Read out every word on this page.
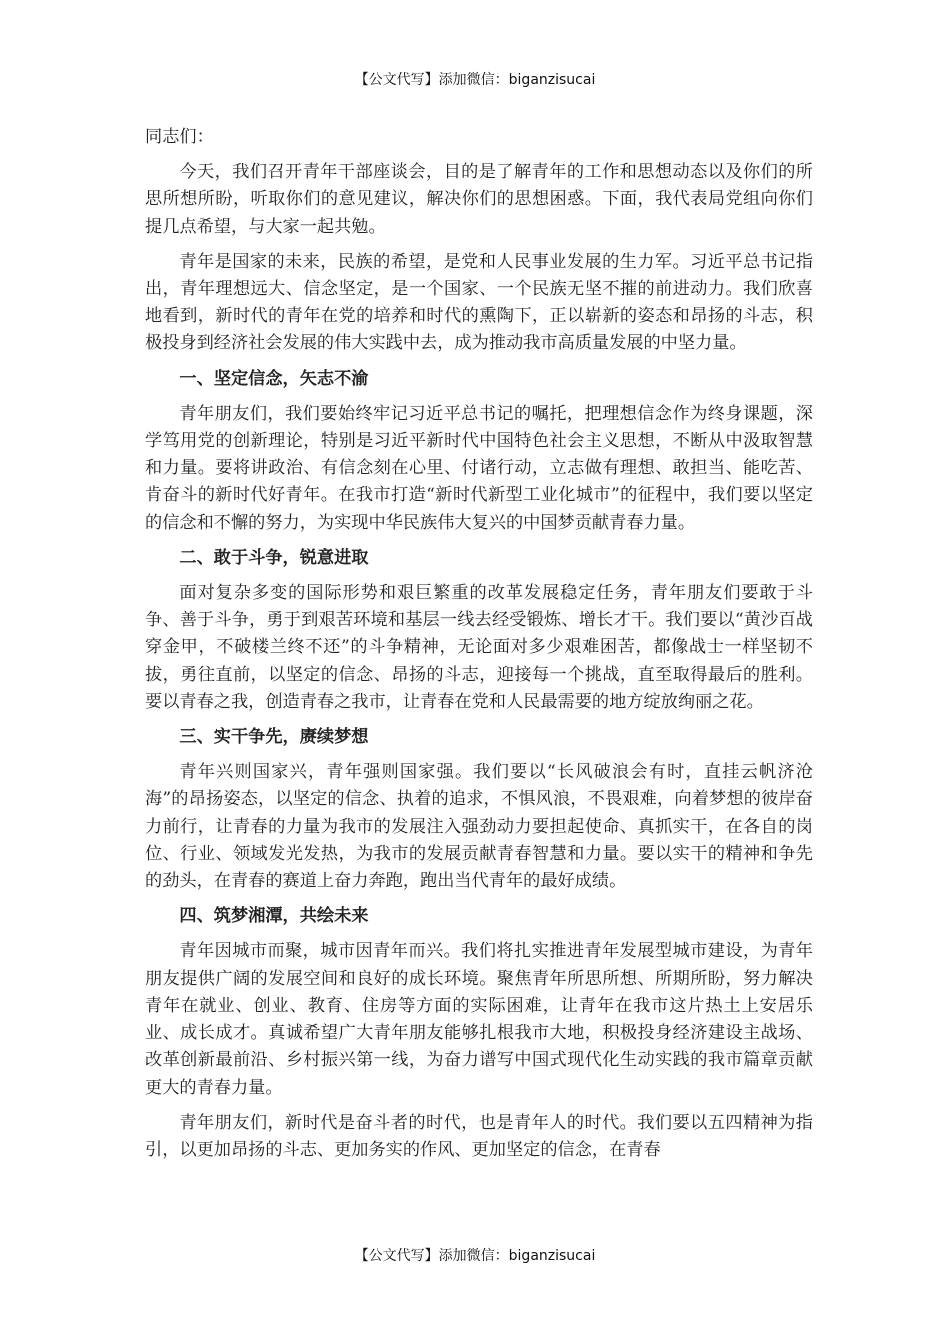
【公文代写】添加微信：biganzisucai

同志们：

今天，我们召开青年干部座谈会，目的是了解青年的工作和思想动态以及你们的所思所想所盼，听取你们的意见建议，解决你们的思想困惑。下面，我代表局党组向你们提几点希望，与大家一起共勉。

青年是国家的未来，民族的希望，是党和人民事业发展的生力军。习近平总书记指出，青年理想远大、信念坚定，是一个国家、一个民族无坚不摧的前进动力。我们欣喜地看到，新时代的青年在党的培养和时代的熏陶下，正以崭新的姿态和昂扬的斗志，积极投身到经济社会发展的伟大实践中去，成为推动我市高质量发展的中坚力量。

一、坚定信念，矢志不渝

青年朋友们，我们要始终牢记习近平总书记的嘱托，把理想信念作为终身课题，深学笃用党的创新理论，特别是习近平新时代中国特色社会主义思想，不断从中汲取智慧和力量。要将讲政治、有信念刻在心里、付诸行动，立志做有理想、敢担当、能吃苦、肯奋斗的新时代好青年。在我市打造“新时代新型工业化城市”的征程中，我们要以坚定的信念和不懈的努力，为实现中华民族伟大复兴的中国梦贡献青春力量。

二、敢于斗争，锐意进取

面对复杂多变的国际形势和艰巨繁重的改革发展稳定任务，青年朋友们要敢于斗争、善于斗争，勇于到艰苦环境和基层一线去经受锻炼、增长才干。我们要以“黄沙百战穿金甲，不破楼兰终不还”的斗争精神，无论面对多少艰难困苦，都像战士一样坚韧不拔，勇往直前，以坚定的信念、昂扬的斗志，迎接每一个挑战，直至取得最后的胜利。要以青春之我，创造青春之我市，让青春在党和人民最需要的地方绽放绚丽之花。

三、实干争先，赓续梦想

青年兴则国家兴，青年强则国家强。我们要以“长风破浪会有时，直挂云帆济沧海”的昂扬姿态，以坚定的信念、执着的追求，不惧风浪，不畏艰难，向着梦想的彼岸奋力前行，让青春的力量为我市的发展注入强劲动力要担起使命、真抓实干，在各自的岗位、行业、领域发光发热，为我市的发展贡献青春智慧和力量。要以实干的精神和争先的劲头，在青春的赛道上奋力奔跑，跑出当代青年的最好成绩。

四、筑梦湘潭，共绘未来

青年因城市而聚，城市因青年而兴。我们将扎实推进青年发展型城市建设，为青年朋友提供广阔的发展空间和良好的成长环境。聚焦青年所思所想、所期所盼，努力解决青年在就业、创业、教育、住房等方面的实际困难，让青年在我市这片热土上安居乐业、成长成才。真诚希望广大青年朋友能够扎根我市大地，积极投身经济建设主战场、改革创新最前沿、乡村振兴第一线，为奋力谱写中国式现代化生动实践的我市篇章贡献更大的青春力量。

青年朋友们，新时代是奋斗者的时代，也是青年人的时代。我们要以五四精神为指引，以更加昂扬的斗志、更加务实的作风、更加坚定的信念，在青春

【公文代写】添加微信：biganzisucai
